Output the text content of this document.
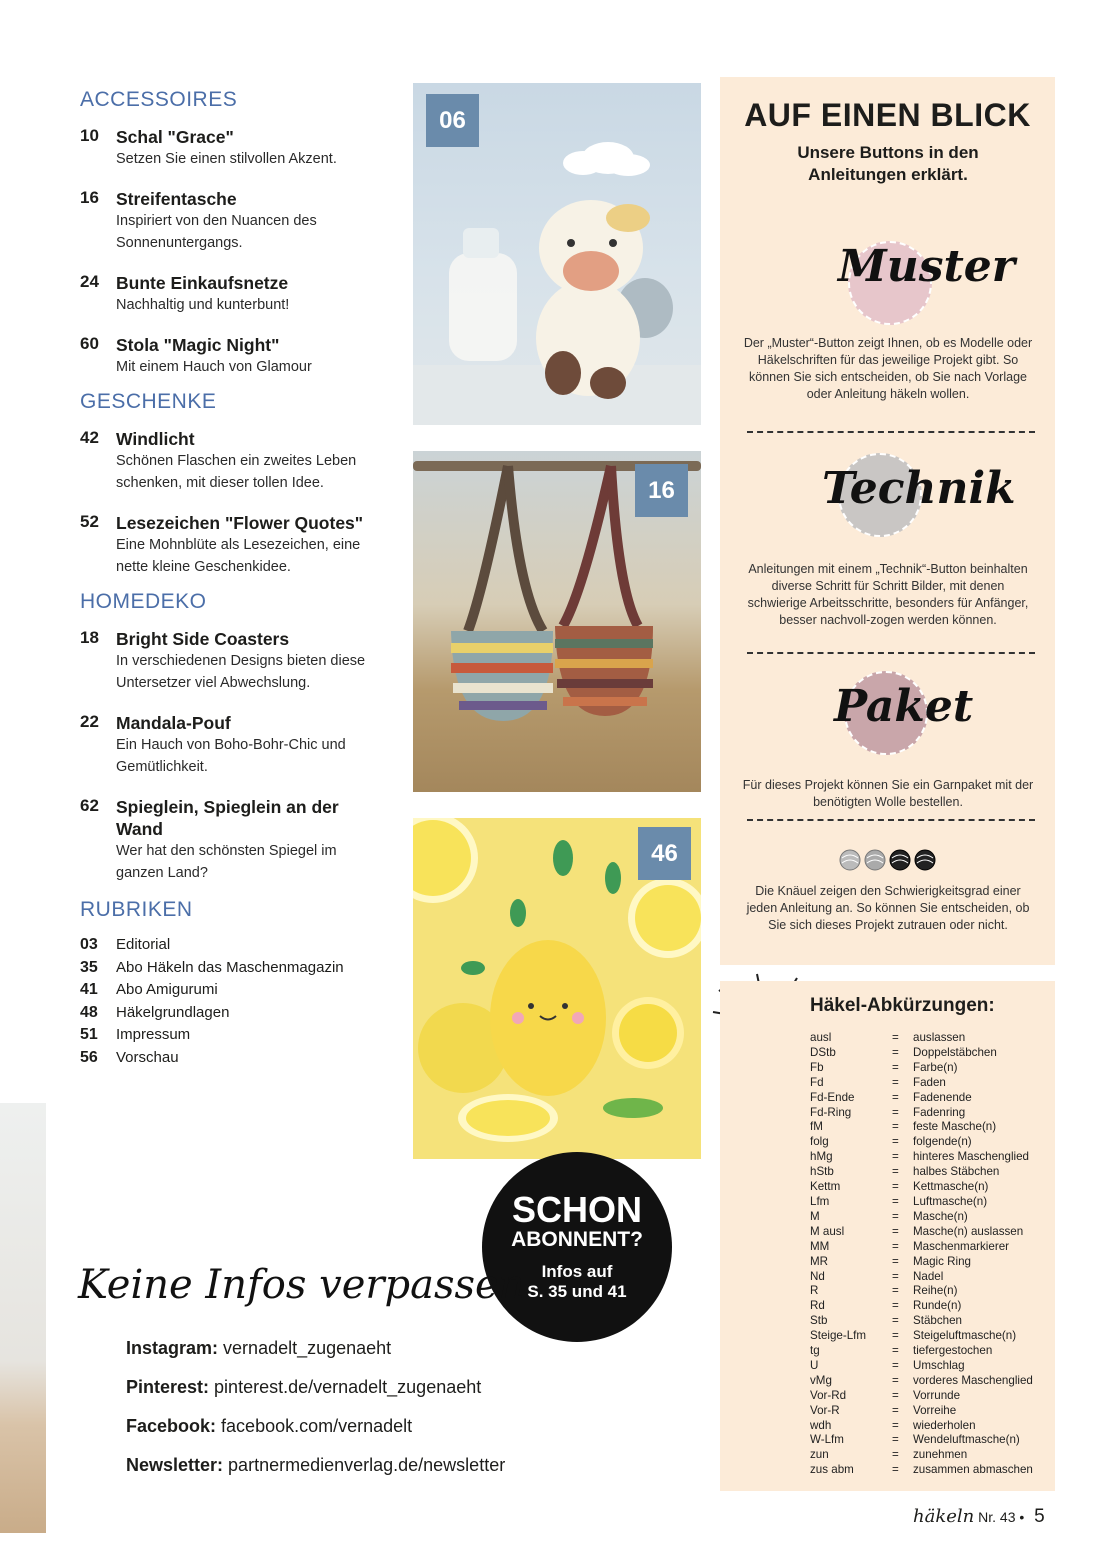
ACCESSOIRES
10 Schal "Grace"
Setzen Sie einen stilvollen Akzent.
16 Streifentasche
Inspiriert von den Nuancen des Sonnenuntergangs.
24 Bunte Einkaufsnetze
Nachhaltig und kunterbunt!
60 Stola "Magic Night"
Mit einem Hauch von Glamour
GESCHENKE
42 Windlicht
Schönen Flaschen ein zweites Leben schenken, mit dieser tollen Idee.
52 Lesezeichen "Flower Quotes"
Eine Mohnblüte als Lesezeichen, eine nette kleine Geschenkidee.
HOMEDEKO
18 Bright Side Coasters
In verschiedenen Designs bieten diese Untersetzer viel Abwechslung.
22 Mandala-Pouf
Ein Hauch von Boho-Bohr-Chic und Gemütlichkeit.
62 Spieglein, Spieglein an der Wand
Wer hat den schönsten Spiegel im ganzen Land?
RUBRIKEN
03	Editorial
35	Abo Häkeln das Maschenmagazin
41	Abo Amigurumi
48	Häkelgrundlagen
51	Impressum
56	Vorschau
06
16
46
AUF EINEN BLICK
Unsere Buttons in den Anleitungen erklärt.
Muster
Der „Muster“-Button zeigt Ihnen, ob es Modelle oder Häkelschriften für das jeweilige Projekt gibt. So können Sie sich entscheiden, ob Sie nach Vorlage oder Anleitung häkeln wollen.
Technik
Anleitungen mit einem „Technik“-Button beinhalten diverse Schritt für Schritt Bilder, mit denen schwierige Arbeitsschritte, besonders für Anfänger, besser nachvoll-zogen werden können.
Paket
Für dieses Projekt können Sie ein Garnpaket mit der benötigten Wolle bestellen.
Die Knäuel zeigen den Schwierigkeitsgrad einer jeden Anleitung an. So können Sie entscheiden, ob Sie sich dieses Projekt zutrauen oder nicht.
Häkel-Abkürzungen:
ausl	=	auslassen
DStb	=	Doppelstäbchen
Fb	=	Farbe(n)
Fd	=	Faden
Fd-Ende	=	Fadenende
Fd-Ring	=	Fadenring
fM	=	feste Masche(n)
folg	=	folgende(n)
hMg	=	hinteres Maschenglied
hStb	=	halbes Stäbchen
Kettm	=	Kettmasche(n)
Lfm	=	Luftmasche(n)
M	=	Masche(n)
M ausl	=	Masche(n) auslassen
MM	=	Maschenmarkierer
MR	=	Magic Ring
Nd	=	Nadel
R	=	Reihe(n)
Rd	=	Runde(n)
Stb	=	Stäbchen
Steige-Lfm	=	Steigeluftmasche(n)
tg	=	tiefergestochen
U	=	Umschlag
vMg	=	vorderes Maschenglied
Vor-Rd	=	Vorrunde
Vor-R	=	Vorreihe
wdh	=	wiederholen
W-Lfm	=	Wendeluftmasche(n)
zun	=	zunehmen
zus abm	=	zusammen abmaschen
SCHON
ABONNENT?
Infos auf
S. 35 und 41
Keine Infos verpassen
Instagram: vernadelt_zugenaeht
Pinterest: pinterest.de/vernadelt_zugenaeht
Facebook: facebook.com/vernadelt
Newsletter: partnermedienverlag.de/newsletter
häkeln Nr. 43 • 5
